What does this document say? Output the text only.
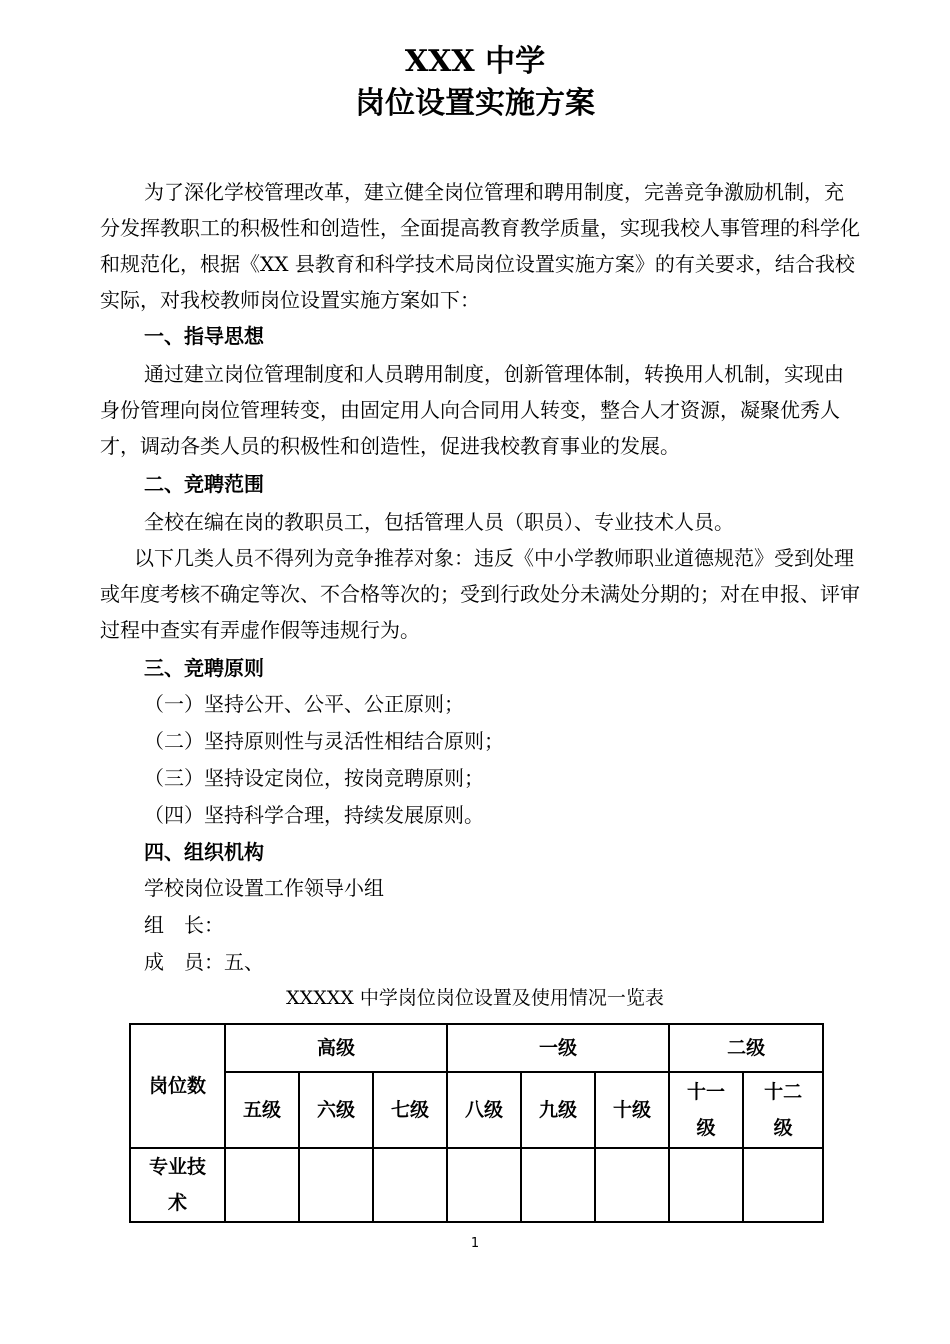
XXX 中学
岗位设置实施方案

为了深化学校管理改革，建立健全岗位管理和聘用制度，完善竞争激励机制，充分发挥教职工的积极性和创造性，全面提高教育教学质量，实现我校人事管理的科学化和规范化，根据《XX 县教育和科学技术局岗位设置实施方案》的有关要求，结合我校实际，对我校教师岗位设置实施方案如下：

一、指导思想

通过建立岗位管理制度和人员聘用制度，创新管理体制，转换用人机制，实现由身份管理向岗位管理转变，由固定用人向合同用人转变，整合人才资源，凝聚优秀人才，调动各类人员的积极性和创造性，促进我校教育事业的发展。

二、竞聘范围
全校在编在岗的教职员工，包括管理人员（职员）、专业技术人员。

以下几类人员不得列为竞争推荐对象：违反《中小学教师职业道德规范》受到处理或年度考核不确定等次、不合格等次的；受到行政处分未满处分期的；对在申报、评审过程中查实有弄虚作假等违规行为。

三、竞聘原则
（一）坚持公开、公平、公正原则；
（二）坚持原则性与灵活性相结合原则；
（三）坚持设定岗位，按岗竞聘原则；
（四）坚持科学合理，持续发展原则。
四、组织机构
学校岗位设置工作领导小组
组　长：
成　员：五、
XXXXX 中学岗位岗位设置及使用情况一览表
岗位数	高级			一级			二级	
	五级	六级	七级	八级	九级	十级	十一级	十二级
专业技术								
1
